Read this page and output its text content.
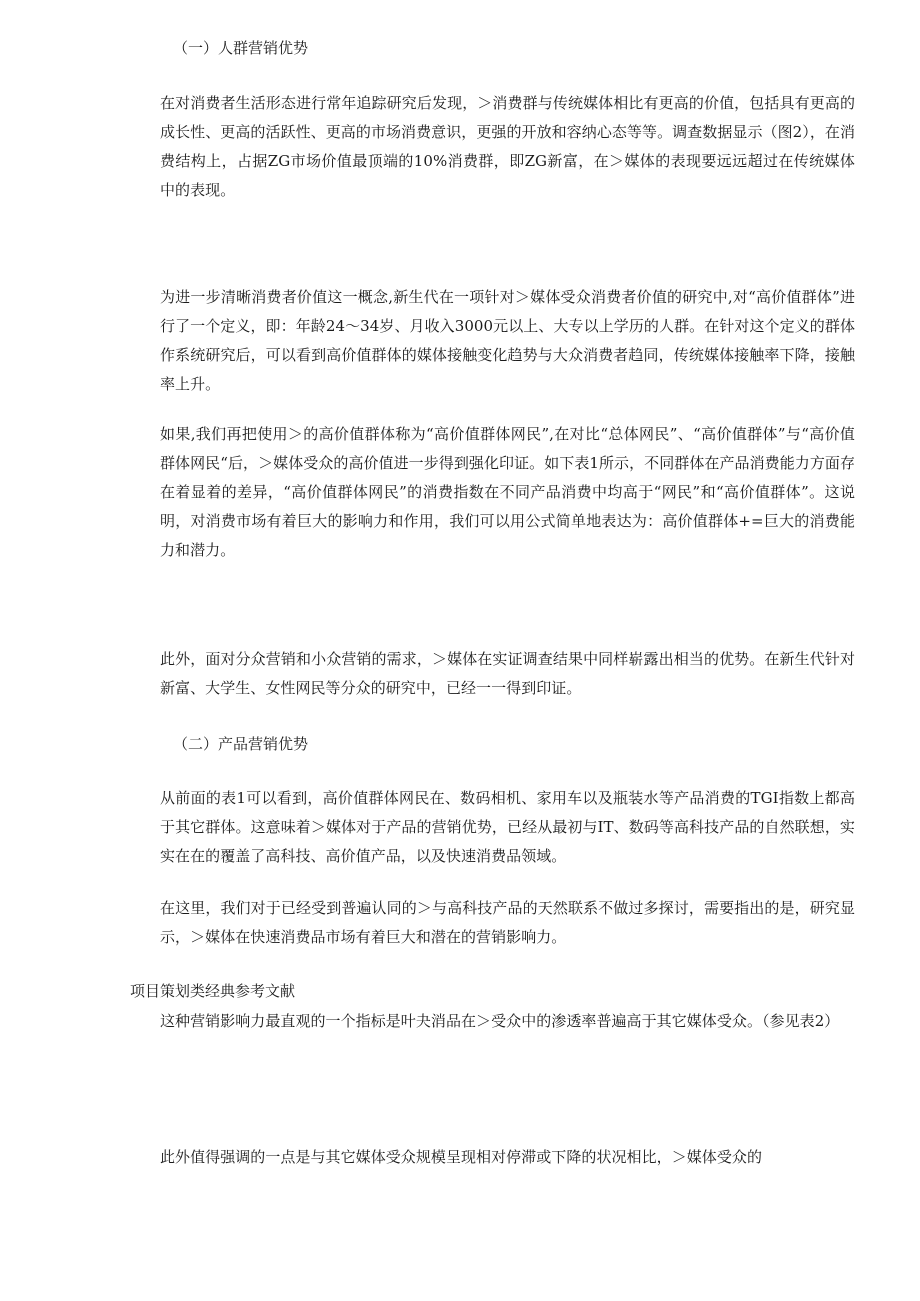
（一）人群营销优势
在对消费者生活形态进行常年追踪研究后发现，＞消费群与传统媒体相比有更高的价值，包括具有更高的成长性、更高的活跃性、更高的市场消费意识，更强的开放和容纳心态等等。调查数据显示（图2），在消费结构上，占据ZG市场价值最顶端的10%消费群，即ZG新富，在＞媒体的表现要远远超过在传统媒体中的表现。
为进一步清晰消费者价值这一概念,新生代在一项针对＞媒体受众消费者价值的研究中,对“高价值群体”进行了一个定义，即：年龄24〜34岁、月收入3000元以上、大专以上学历的人群。在针对这个定义的群体作系统研究后，可以看到高价值群体的媒体接触变化趋势与大众消费者趋同，传统媒体接触率下降，接触率上升。
如果,我们再把使用＞的高价值群体称为“高价值群体网民”,在对比“总体网民”、“高价值群体”与“高价值群体网民“后，＞媒体受众的高价值进一步得到强化印证。如下表1所示，不同群体在产品消费能力方面存在着显着的差异，“高价值群体网民”的消费指数在不同产品消费中均高于“网民”和“高价值群体”。这说明，对消费市场有着巨大的影响力和作用，我们可以用公式简单地表达为：高价值群体+=巨大的消费能力和潜力。
此外，面对分众营销和小众营销的需求，＞媒体在实证调查结果中同样崭露出相当的优势。在新生代针对新富、大学生、女性网民等分众的研究中，已经一一得到印证。
（二）产品营销优势
从前面的表1可以看到，高价值群体网民在、数码相机、家用车以及瓶装水等产品消费的TGI指数上都高于其它群体。这意味着＞媒体对于产品的营销优势，已经从最初与IT、数码等高科技产品的自然联想，实实在在的覆盖了高科技、高价值产品，以及快速消费品领域。
在这里，我们对于已经受到普遍认同的＞与高科技产品的天然联系不做过多探讨，需要指出的是，研究显示，＞媒体在快速消费品市场有着巨大和潜在的营销影响力。
项目策划类经典参考文献
这种营销影响力最直观的一个指标是叶夬消品在＞受众中的渗透率普遍高于其它媒体受众。（参见表2）
此外值得强调的一点是与其它媒体受众规模呈现相对停滞或下降的状况相比，＞媒体受众的
